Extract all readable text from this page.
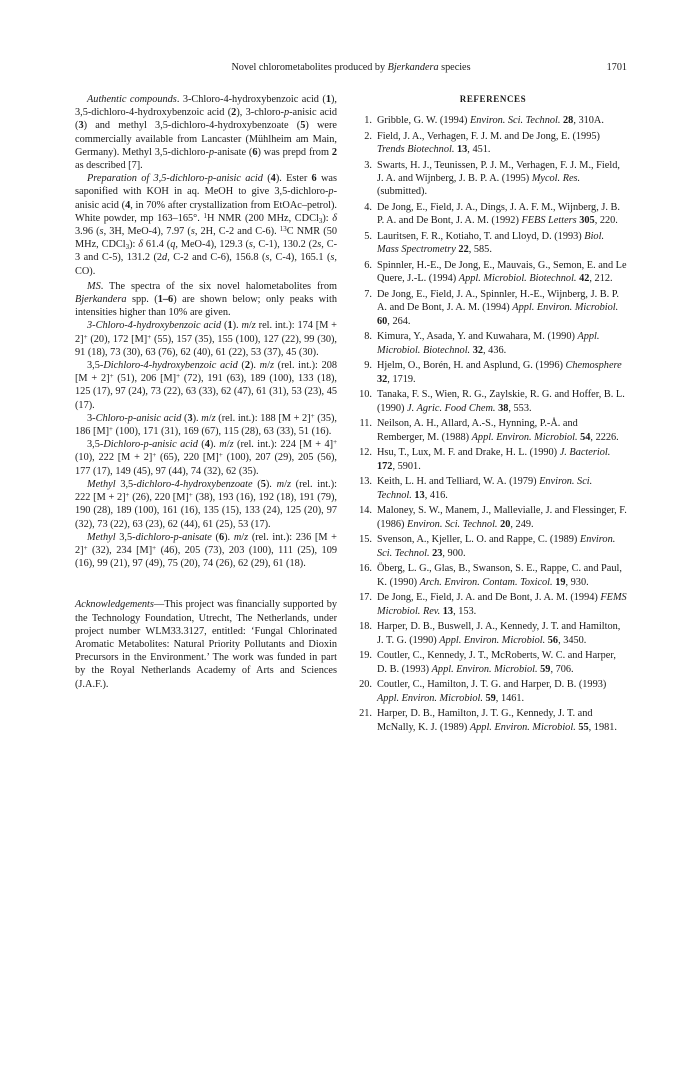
Novel chlorometabolites produced by Bjerkandera species	1701

Authentic compounds. 3-Chloro-4-hydroxybenzoic acid (1), 3,5-dichloro-4-hydroxybenzoic acid (2), 3-chloro-p-anisic acid (3) and methyl 3,5-dichloro-4-hydroxybenzoate (5) were commercially available from Lancaster (Mühlheim am Main, Germany). Methyl 3,5-dichloro-p-anisate (6) was prepd from 2 as described [7].

Preparation of 3,5-dichloro-p-anisic acid (4). Ester 6 was saponified with KOH in aq. MeOH to give 3,5-dichloro-p-anisic acid (4, in 70% after crystallization from EtOAc–petrol). White powder, mp 163–165°. $^1$H NMR (200 MHz, CDCl$_3$): δ 3.96 (s, 3H, MeO-4), 7.97 (s, 2H, C-2 and C-6). $^{13}$C NMR (50 MHz, CDCl$_3$): δ 61.4 (q, MeO-4), 129.3 (s, C-1), 130.2 (2s, C-3 and C-5), 131.2 (2d, C-2 and C-6), 156.8 (s, C-4), 165.1 (s, CO).

MS. The spectra of the six novel halometabolites from Bjerkandera spp. (1–6) are shown below; only peaks with intensities higher than 10% are given.

3-Chloro-4-hydroxybenzoic acid (1). m/z rel. int.): 174 [M + 2]+ (20), 172 [M]+ (55), 157 (35), 155 (100), 127 (22), 99 (30), 91 (18), 73 (30), 63 (76), 62 (40), 61 (22), 53 (37), 45 (30).

3,5-Dichloro-4-hydroxybenzoic acid (2). m/z (rel. int.): 208 [M + 2]+ (51), 206 [M]+ (72), 191 (63), 189 (100), 133 (18), 125 (17), 97 (24), 73 (22), 63 (33), 62 (47), 61 (31), 53 (23), 45 (17).

3-Chloro-p-anisic acid (3). m/z (rel. int.): 188 [M + 2]+ (35), 186 [M]+ (100), 171 (31), 169 (67), 115 (28), 63 (33), 51 (16).

3,5-Dichloro-p-anisic acid (4). m/z (rel. int.): 224 [M + 4]+ (10), 222 [M + 2]+ (65), 220 [M]+ (100), 207 (29), 205 (56), 177 (17), 149 (45), 97 (44), 74 (32), 62 (35).

Methyl 3,5-dichloro-4-hydroxybenzoate (5). m/z (rel. int.): 222 [M + 2]+ (26), 220 [M]+ (38), 193 (16), 192 (18), 191 (79), 190 (28), 189 (100), 161 (16), 135 (15), 133 (24), 125 (20), 97 (32), 73 (22), 63 (23), 62 (44), 61 (25), 53 (17).

Methyl 3,5-dichloro-p-anisate (6). m/z (rel. int.): 236 [M + 2]+ (32), 234 [M]+ (46), 205 (73), 203 (100), 111 (25), 109 (16), 99 (21), 97 (49), 75 (20), 74 (26), 62 (29), 61 (18).

Acknowledgements—This project was financially supported by the Technology Foundation, Utrecht, The Netherlands, under project number WLM33.3127, entitled: ‘Fungal Chlorinated Aromatic Metabolites: Natural Priority Pollutants and Dioxin Precursors in the Environment.’ The work was funded in part by the Royal Netherlands Academy of Arts and Sciences (J.A.F.).

REFERENCES
1. Gribble, G. W. (1994) Environ. Sci. Technol. 28, 310A.
2. Field, J. A., Verhagen, F. J. M. and De Jong, E. (1995) Trends Biotechnol. 13, 451.
3. Swarts, H. J., Teunissen, P. J. M., Verhagen, F. J. M., Field, J. A. and Wijnberg, J. B. P. A. (1995) Mycol. Res. (submitted).
4. De Jong, E., Field, J. A., Dings, J. A. F. M., Wijnberg, J. B. P. A. and De Bont, J. A. M. (1992) FEBS Letters 305, 220.
5. Lauritsen, F. R., Kotiaho, T. and Lloyd, D. (1993) Biol. Mass Spectrometry 22, 585.
6. Spinnler, H.-E., De Jong, E., Mauvais, G., Semon, E. and Le Quere, J.-L. (1994) Appl. Microbiol. Biotechnol. 42, 212.
7. De Jong, E., Field, J. A., Spinnler, H.-E., Wijnberg, J. B. P. A. and De Bont, J. A. M. (1994) Appl. Environ. Microbiol. 60, 264.
8. Kimura, Y., Asada, Y. and Kuwahara, M. (1990) Appl. Microbiol. Biotechnol. 32, 436.
9. Hjelm, O., Borén, H. and Asplund, G. (1996) Chemosphere 32, 1719.
10. Tanaka, F. S., Wien, R. G., Zaylskie, R. G. and Hoffer, B. L. (1990) J. Agric. Food Chem. 38, 553.
11. Neilson, A. H., Allard, A.-S., Hynning, P.-Å. and Remberger, M. (1988) Appl. Environ. Microbiol. 54, 2226.
12. Hsu, T., Lux, M. F. and Drake, H. L. (1990) J. Bacteriol. 172, 5901.
13. Keith, L. H. and Telliard, W. A. (1979) Environ. Sci. Technol. 13, 416.
14. Maloney, S. W., Manem, J., Mallevialle, J. and Flessinger, F. (1986) Environ. Sci. Technol. 20, 249.
15. Svenson, A., Kjeller, L. O. and Rappe, C. (1989) Environ. Sci. Technol. 23, 900.
16. Öberg, L. G., Glas, B., Swanson, S. E., Rappe, C. and Paul, K. (1990) Arch. Environ. Contam. Toxicol. 19, 930.
17. De Jong, E., Field, J. A. and De Bont, J. A. M. (1994) FEMS Microbiol. Rev. 13, 153.
18. Harper, D. B., Buswell, J. A., Kennedy, J. T. and Hamilton, J. T. G. (1990) Appl. Environ. Microbiol. 56, 3450.
19. Coutler, C., Kennedy, J. T., McRoberts, W. C. and Harper, D. B. (1993) Appl. Environ. Microbiol. 59, 706.
20. Coutler, C., Hamilton, J. T. G. and Harper, D. B. (1993) Appl. Environ. Microbiol. 59, 1461.
21. Harper, D. B., Hamilton, J. T. G., Kennedy, J. T. and McNally, K. J. (1989) Appl. Environ. Microbiol. 55, 1981.
